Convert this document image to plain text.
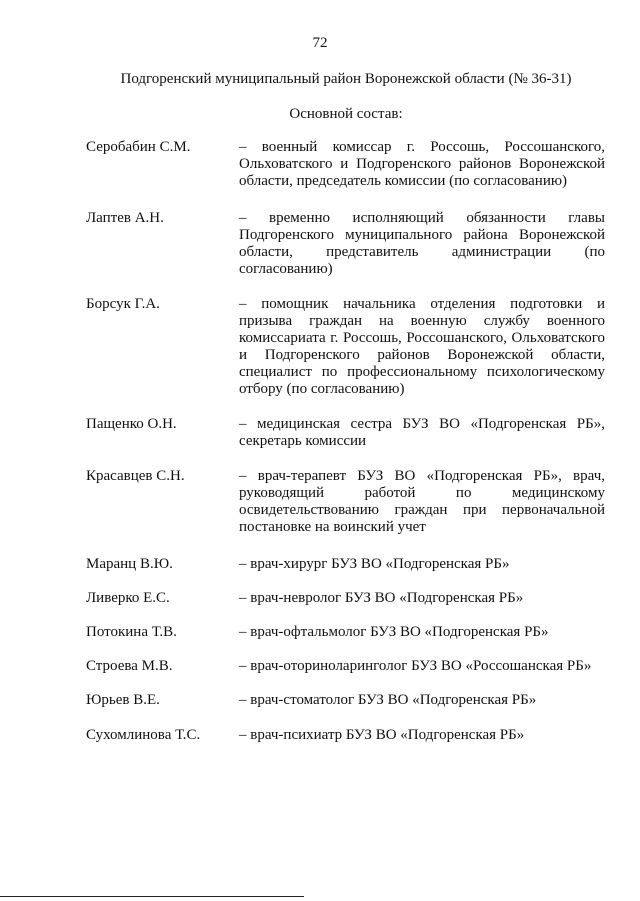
72
Подгоренский муниципальный район Воронежской области (№ 36-31)
Основной состав:
Серобабин С.М.	– военный комиссар г. Россошь, Россошанского, Ольховатского и Подгоренского районов Воронежской области, председатель комиссии (по согласованию)
Лаптев А.Н.	– временно исполняющий обязанности главы Подгоренского муниципального района Воронежской области, представитель администрации (по согласованию)
Борсук Г.А.	– помощник начальника отделения подготовки и призыва граждан на военную службу военного комиссариата г. Россошь, Россошанского, Ольховатского и Подгоренского районов Воронежской области, специалист по профессиональному психологическому отбору (по согласованию)
Пащенко О.Н.	– медицинская сестра БУЗ ВО «Подгоренская РБ», секретарь комиссии
Красавцев С.Н.	– врач-терапевт БУЗ ВО «Подгоренская РБ», врач, руководящий работой по медицинскому освидетельствованию граждан при первоначальной постановке на воинский учет
Маранц В.Ю.	– врач-хирург БУЗ ВО «Подгоренская РБ»
Ливерко Е.С.	– врач-невролог БУЗ ВО «Подгоренская РБ»
Потокина Т.В.	– врач-офтальмолог БУЗ ВО «Подгоренская РБ»
Строева М.В.	– врач-оториноларинголог БУЗ ВО «Россошанская РБ»
Юрьев В.Е.	– врач-стоматолог БУЗ ВО «Подгоренская РБ»
Сухомлинова Т.С.	– врач-психиатр БУЗ ВО «Подгоренская РБ»
